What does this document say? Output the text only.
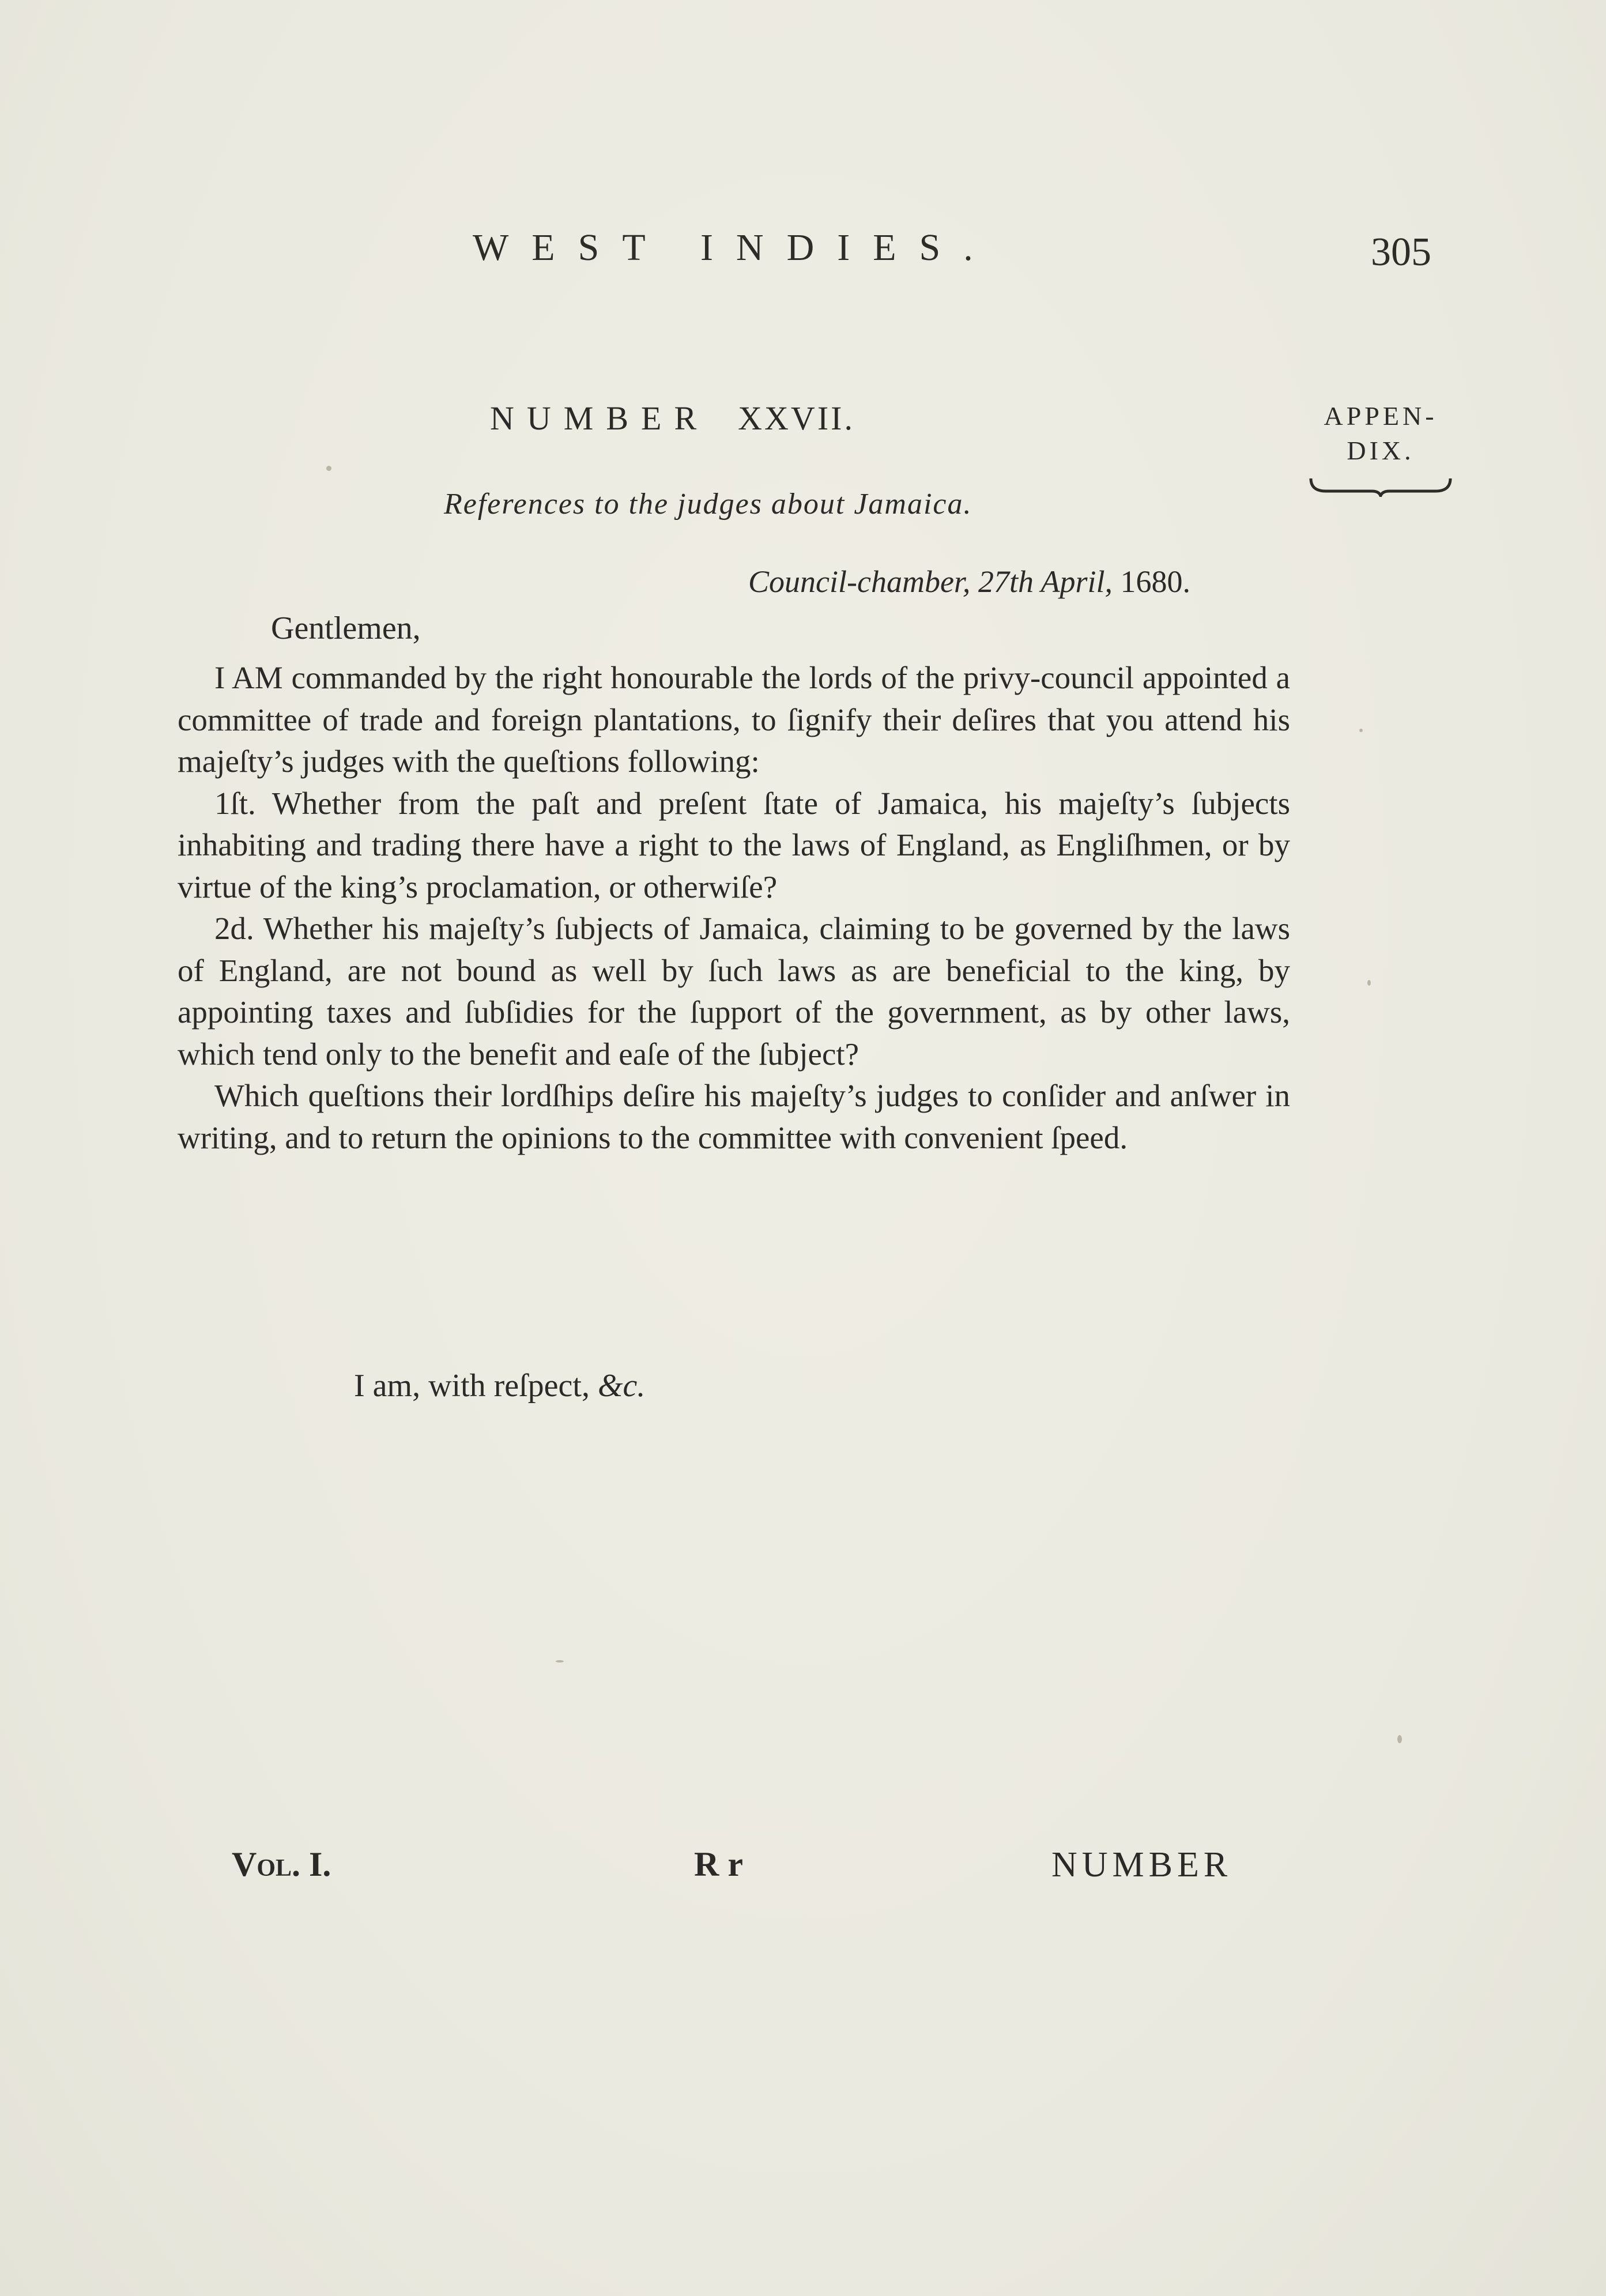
WEST INDIES.	305
NUMBER XXVII.	APPEN-
DIX.
References to the judges about Jamaica.
Council-chamber, 27th April, 1680.
Gentlemen,

I AM commanded by the right honourable the lords of the privy-council appointed a committee of trade and foreign plantations, to ſignify their deſires that you attend his majeſty’s judges with the queſtions following:

1ſt. Whether from the paſt and preſent ſtate of Jamaica, his majeſty’s ſubjects inhabiting and trading there have a right to the laws of England, as Engliſhmen, or by virtue of the king’s proclamation, or otherwiſe?

2d. Whether his majeſty’s ſubjects of Jamaica, claiming to be governed by the laws of England, are not bound as well by ſuch laws as are beneficial to the king, by appointing taxes and ſubſidies for the ſupport of the government, as by other laws, which tend only to the benefit and eaſe of the ſubject?

Which queſtions their lordſhips deſire his majeſty’s judges to conſider and anſwer in writing, and to return the opinions to the committee with convenient ſpeed.

I am, with reſpect, &c.
Vol. I.	R r	NUMBER
